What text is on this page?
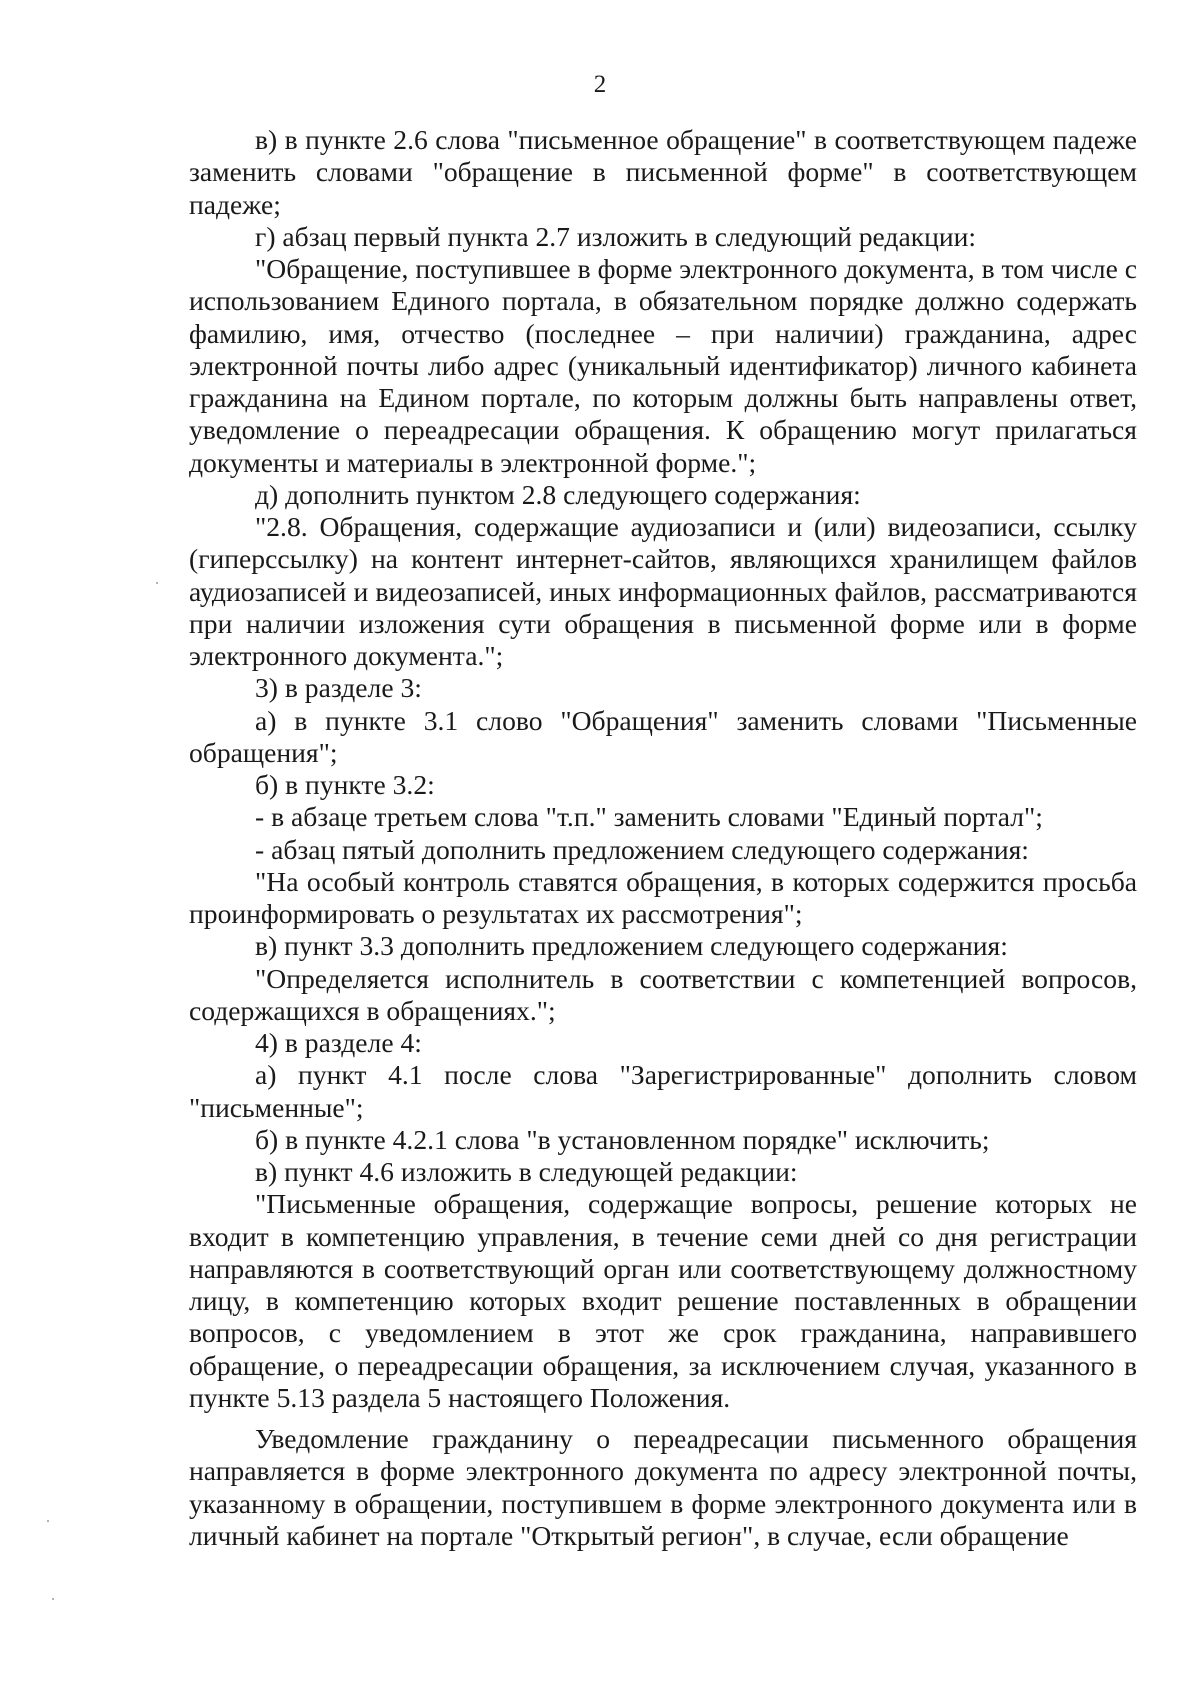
2

в) в пункте 2.6 слова "письменное обращение" в соответствующем падеже заменить словами "обращение в письменной форме" в соответствующем падеже;

г) абзац первый пункта 2.7 изложить в следующий редакции:

"Обращение, поступившее в форме электронного документа, в том числе с использованием Единого портала, в обязательном порядке должно содержать фамилию, имя, отчество (последнее – при наличии) гражданина, адрес электронной почты либо адрес (уникальный идентификатор) личного кабинета гражданина на Едином портале, по которым должны быть направлены ответ, уведомление о переадресации обращения. К обращению могут прилагаться документы и материалы в электронной форме.";

д) дополнить пунктом 2.8 следующего содержания:

"2.8. Обращения, содержащие аудиозаписи и (или) видеозаписи, ссылку (гиперссылку) на контент интернет-сайтов, являющихся хранилищем файлов аудиозаписей и видеозаписей, иных информационных файлов, рассматриваются при наличии изложения сути обращения в письменной форме или в форме электронного документа.";

3) в разделе 3:

а) в пункте 3.1 слово "Обращения" заменить словами "Письменные обращения";

б) в пункте 3.2:

- в абзаце третьем слова "т.п." заменить словами "Единый портал";

- абзац пятый дополнить предложением следующего содержания:

"На особый контроль ставятся обращения, в которых содержится просьба проинформировать о результатах их рассмотрения";

в) пункт 3.3 дополнить предложением следующего содержания:

"Определяется исполнитель в соответствии с компетенцией вопросов, содержащихся в обращениях.";

4) в разделе 4:

а) пункт 4.1 после слова "Зарегистрированные" дополнить словом "письменные";

б) в пункте 4.2.1 слова "в установленном порядке" исключить;

в) пункт 4.6 изложить в следующей редакции:

"Письменные обращения, содержащие вопросы, решение которых не входит в компетенцию управления, в течение семи дней со дня регистрации направляются в соответствующий орган или соответствующему должностному лицу, в компетенцию которых входит решение поставленных в обращении вопросов, с уведомлением в этот же срок гражданина, направившего обращение, о переадресации обращения, за исключением случая, указанного в пункте 5.13 раздела 5 настоящего Положения.

Уведомление гражданину о переадресации письменного обращения направляется в форме электронного документа по адресу электронной почты, указанному в обращении, поступившем в форме электронного документа или в личный кабинет на портале "Открытый регион", в случае, если обращение
